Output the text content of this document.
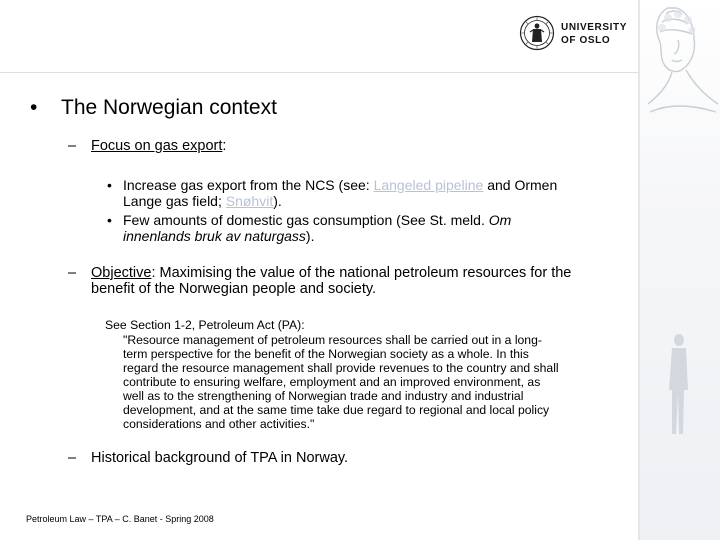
UNIVERSITY
OF OSLO
• The Norwegian context
– Focus on gas export:
• Increase gas export from the NCS (see: Langeled pipeline and Ormen
Lange gas field; Snøhvit).
• Few amounts of domestic gas consumption (See St. meld. Om
innenlands bruk av naturgass).
– Objective: Maximising the value of the national petroleum resources for the
benefit of the Norwegian people and society.
See Section 1-2, Petroleum Act (PA):
"Resource management of petroleum resources shall be carried out in a long-
term perspective for the benefit of the Norwegian society as a whole. In this
regard the resource management shall provide revenues to the country and shall
contribute to ensuring welfare, employment and an improved environment, as
well as to the strengthening of Norwegian trade and industry and industrial
development, and at the same time take due regard to regional and local policy
considerations and other activities."
– Historical background of TPA in Norway.
Petroleum Law – TPA – C. Banet - Spring 2008
